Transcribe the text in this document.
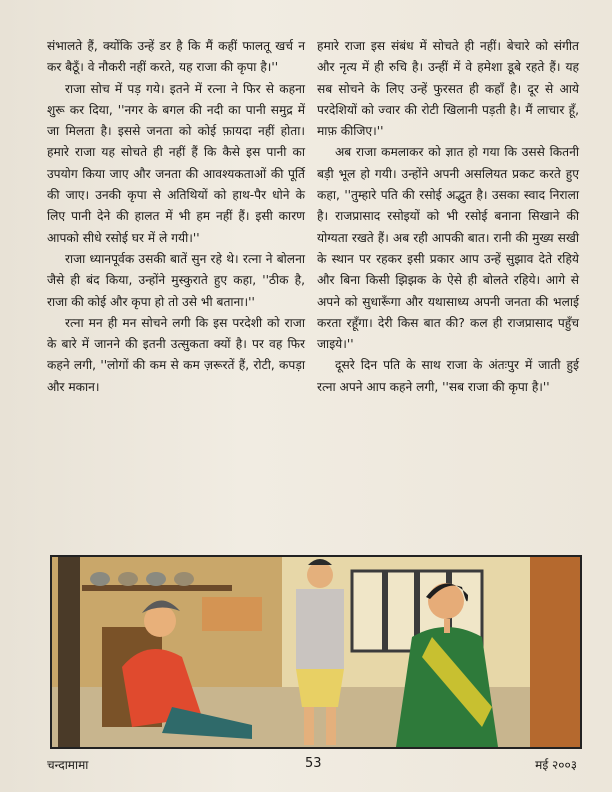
संभालते हैं, क्योंकि उन्हें डर है कि मैं कहीं फालतू खर्च न कर बैठूँ। वे नौकरी नहीं करते, यह राजा की कृपा है।''

राजा सोच में पड़ गये। इतने में रत्ना ने फिर से कहना शुरू कर दिया, ''नगर के बगल की नदी का पानी समुद्र में जा मिलता है। इससे जनता को कोई फ़ायदा नहीं होता। हमारे राजा यह सोचते ही नहीं हैं कि कैसे इस पानी का उपयोग किया जाए और जनता की आवश्यकताओं की पूर्ति की जाए। उनकी कृपा से अतिथियों को हाथ-पैर धोने के लिए पानी देने की हालत में भी हम नहीं हैं। इसी कारण आपको सीधे रसोई घर में ले गयी।''

राजा ध्यानपूर्वक उसकी बातें सुन रहे थे। रत्ना ने बोलना जैसे ही बंद किया, उन्होंने मुस्कुराते हुए कहा, ''ठीक है, राजा की कोई और कृपा हो तो उसे भी बताना।''

रत्ना मन ही मन सोचने लगी कि इस परदेशी को राजा के बारे में जानने की इतनी उत्सुकता क्यों है। पर वह फिर कहने लगी, ''लोगों की कम से कम ज़रूरतें हैं, रोटी, कपड़ा और मकान।

हमारे राजा इस संबंध में सोचते ही नहीं। बेचारे को संगीत और नृत्य में ही रुचि है। उन्हीं में वे हमेशा डूबे रहते हैं। यह सब सोचने के लिए उन्हें फुरसत ही कहाँ है। दूर से आये परदेशियों को ज्वार की रोटी खिलानी पड़ती है। मैं लाचार हूँ, माफ़ कीजिए।''

अब राजा कमलाकर को ज्ञात हो गया कि उससे कितनी बड़ी भूल हो गयी। उन्होंने अपनी असलियत प्रकट करते हुए कहा, ''तुम्हारे पति की रसोई अद्भुत है। उसका स्वाद निराला है। राजप्रासाद रसोइयों को भी रसोई बनाना सिखाने की योग्यता रखते हैं। अब रही आपकी बात। रानी की मुख्य सखी के स्थान पर रहकर इसी प्रकार आप उन्हें सुझाव देते रहिये और बिना किसी झिझक के ऐसे ही बोलते रहिये। आगे से अपने को सुधारूँगा और यथासाध्य अपनी जनता की भलाई करता रहूँगा। देरी किस बात की? कल ही राजप्रासाद पहुँच जाइये।''

दूसरे दिन पति के साथ राजा के अंतःपुर में जाती हुई रत्ना अपने आप कहने लगी, ''सब राजा की कृपा है।''

चन्दामामा	53	मई २००३
